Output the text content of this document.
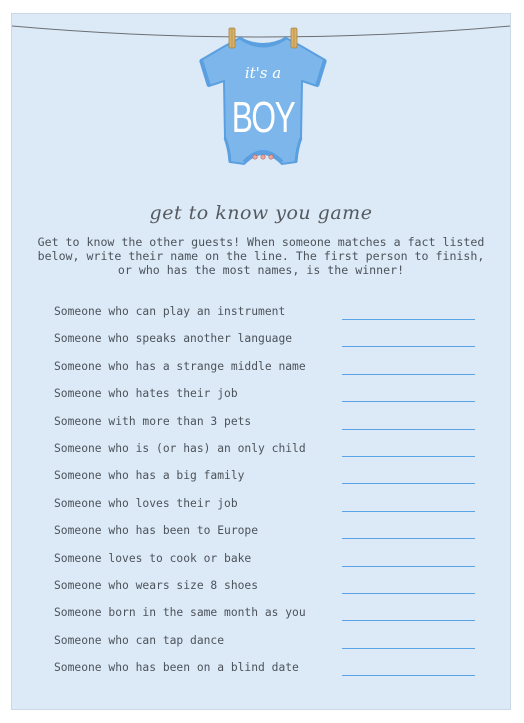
it's a
BOY
get to know you game
Get to know the other guests! When someone matches a fact listed below, write their name on the line. The first person to finish, or who has the most names, is the winner!
Someone who can play an instrument
Someone who speaks another language
Someone who has a strange middle name
Someone who hates their job
Someone with more than 3 pets
Someone who is (or has) an only child
Someone who has a big family
Someone who loves their job
Someone who has been to Europe
Someone loves to cook or bake
Someone who wears size 8 shoes
Someone born in the same month as you
Someone who can tap dance
Someone who has been on a blind date
